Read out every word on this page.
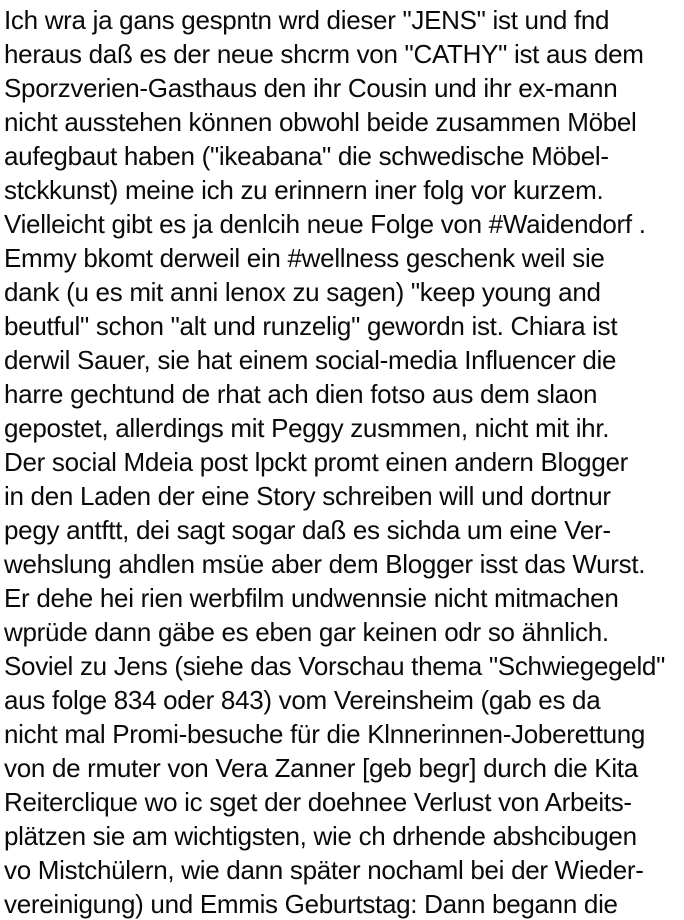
Ich wra ja gans gespntn wrd dieser "JENS" ist und fnd
heraus daß es der neue shcrm von "CATHY" ist aus dem
Sporzverien-Gasthaus den ihr Cousin und ihr ex-mann
nicht ausstehen können obwohl beide zusammen Möbel
aufegbaut haben ("ikeabana" die schwedische Möbel-
stckkunst) meine ich zu erinnern iner folg vor kurzem.
Vielleicht gibt es ja denlcih neue Folge von #Waidendorf .
Emmy bkomt derweil ein #wellness geschenk weil sie
dank (u es mit anni lenox zu sagen) "keep young and
beutful" schon "alt und runzelig" gewordn ist. Chiara ist
derwil Sauer, sie hat einem social-media Influencer die
harre gechtund de rhat ach dien fotso aus dem slaon
gepostet, allerdings mit Peggy zusmmen, nicht mit ihr.
Der social Mdeia post lpckt promt einen andern Blogger
in den Laden der eine Story schreiben will und dortnur
pegy antftt, dei sagt sogar daß es sichda um eine Ver-
wehslung ahdlen msüe aber dem Blogger isst das Wurst.
Er dehe hei rien werbfilm undwennsie nicht mitmachen
wprüde dann gäbe es eben gar keinen odr so ähnlich.
Soviel zu Jens (siehe das Vorschau thema "Schwiegegeld"
aus folge 834 oder 843) vom Vereinsheim (gab es da
nicht mal Promi-besuche für die Klnnerinnen-Joberettung
von de rmuter von Vera Zanner [geb begr] durch die Kita
Reiterclique wo ic sget der doehnee Verlust von Arbeits-
plätzen sie am wichtigsten, wie ch drhende abshcibugen
vo Mistchülern, wie dann später nochaml bei der Wieder-
vereinigung) und Emmis Geburtstag: Dann begann die
